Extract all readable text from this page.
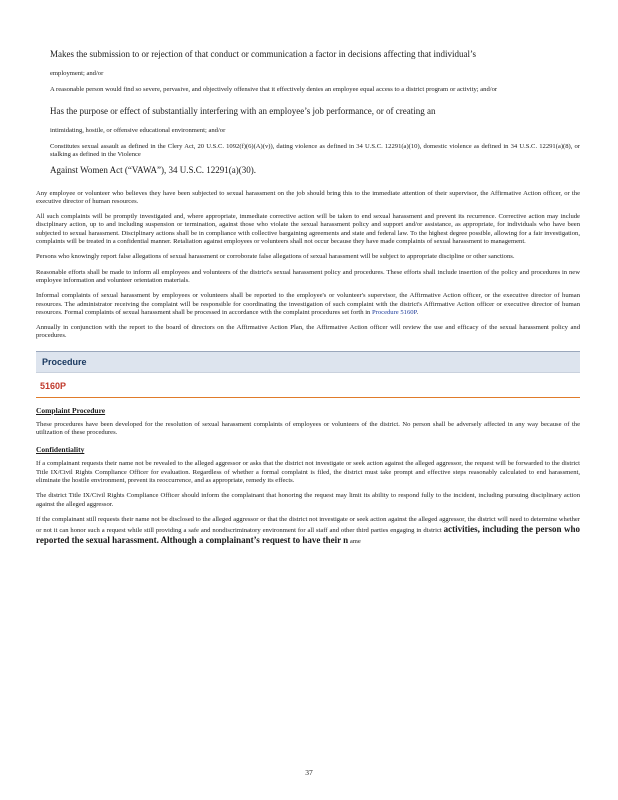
Makes the submission to or rejection of that conduct or communication a factor in decisions affecting that individual’s
employment; and/or

A reasonable person would find so severe, pervasive, and objectively offensive that it effectively denies an employee equal access to a district program or activity; and/or

Has the purpose or effect of substantially interfering with an employee’s job performance, or of creating an
intimidating, hostile, or offensive educational environment; and/or

Constitutes sexual assault as defined in the Clery Act, 20 U.S.C. 1092(f)(6)(A)(v)), dating violence as defined in 34 U.S.C. 12291(a)(10), domestic violence as defined in 34 U.S.C. 12291(a)(8), or stalking as defined in the Violence

Against Women Act (“VAWA”), 34 U.S.C. 12291(a)(30).

Any employee or volunteer who believes they have been subjected to sexual harassment on the job should bring this to the immediate attention of their supervisor, the Affirmative Action officer, or the executive director of human resources.

All such complaints will be promptly investigated and, where appropriate, immediate corrective action will be taken to end sexual harassment and prevent its recurrence. Corrective action may include disciplinary action, up to and including suspension or termination, against those who violate the sexual harassment policy and support and/or assistance, as appropriate, for individuals who have been subjected to sexual harassment. Disciplinary actions shall be in compliance with collective bargaining agreements and state and federal law. To the highest degree possible, allowing for a fair investigation, complaints will be treated in a confidential manner. Retaliation against employees or volunteers shall not occur because they have made complaints of sexual harassment to management.

Persons who knowingly report false allegations of sexual harassment or corroborate false allegations of sexual harassment will be subject to appropriate discipline or other sanctions.

Reasonable efforts shall be made to inform all employees and volunteers of the district's sexual harassment policy and procedures. These efforts shall include insertion of the policy and procedures in new employee information and volunteer orientation materials.

Informal complaints of sexual harassment by employees or volunteers shall be reported to the employee's or volunteer's supervisor, the Affirmative Action officer, or the executive director of human resources. The administrator receiving the complaint will be responsible for coordinating the investigation of such complaint with the district's Affirmative Action officer or executive director of human resources. Formal complaints of sexual harassment shall be processed in accordance with the complaint procedures set forth in Procedure 5160P.

Annually in conjunction with the report to the board of directors on the Affirmative Action Plan, the Affirmative Action officer will review the use and efficacy of the sexual harassment policy and procedures.

Procedure
5160P
Complaint Procedure

These procedures have been developed for the resolution of sexual harassment complaints of employees or volunteers of the district. No person shall be adversely affected in any way because of the utilization of these procedures.

Confidentiality

If a complainant requests their name not be revealed to the alleged aggressor or asks that the district not investigate or seek action against the alleged aggressor, the request will be forwarded to the district Title IX/Civil Rights Compliance Officer for evaluation. Regardless of whether a formal complaint is filed, the district must take prompt and effective steps reasonably calculated to end harassment, eliminate the hostile environment, prevent its reoccurrence, and as appropriate, remedy its effects.

The district Title IX/Civil Rights Compliance Officer should inform the complainant that honoring the request may limit its ability to respond fully to the incident, including pursuing disciplinary action against the alleged aggressor.

If the complainant still requests their name not be disclosed to the alleged aggressor or that the district not investigate or seek action against the alleged aggressor, the district will need to determine whether or not it can honor such a request while still providing a safe and nondiscriminatory environment for all staff and other third parties engaging in district activities, including the person who reported the sexual harassment. Although a complainant’s request to have their n ame

37
